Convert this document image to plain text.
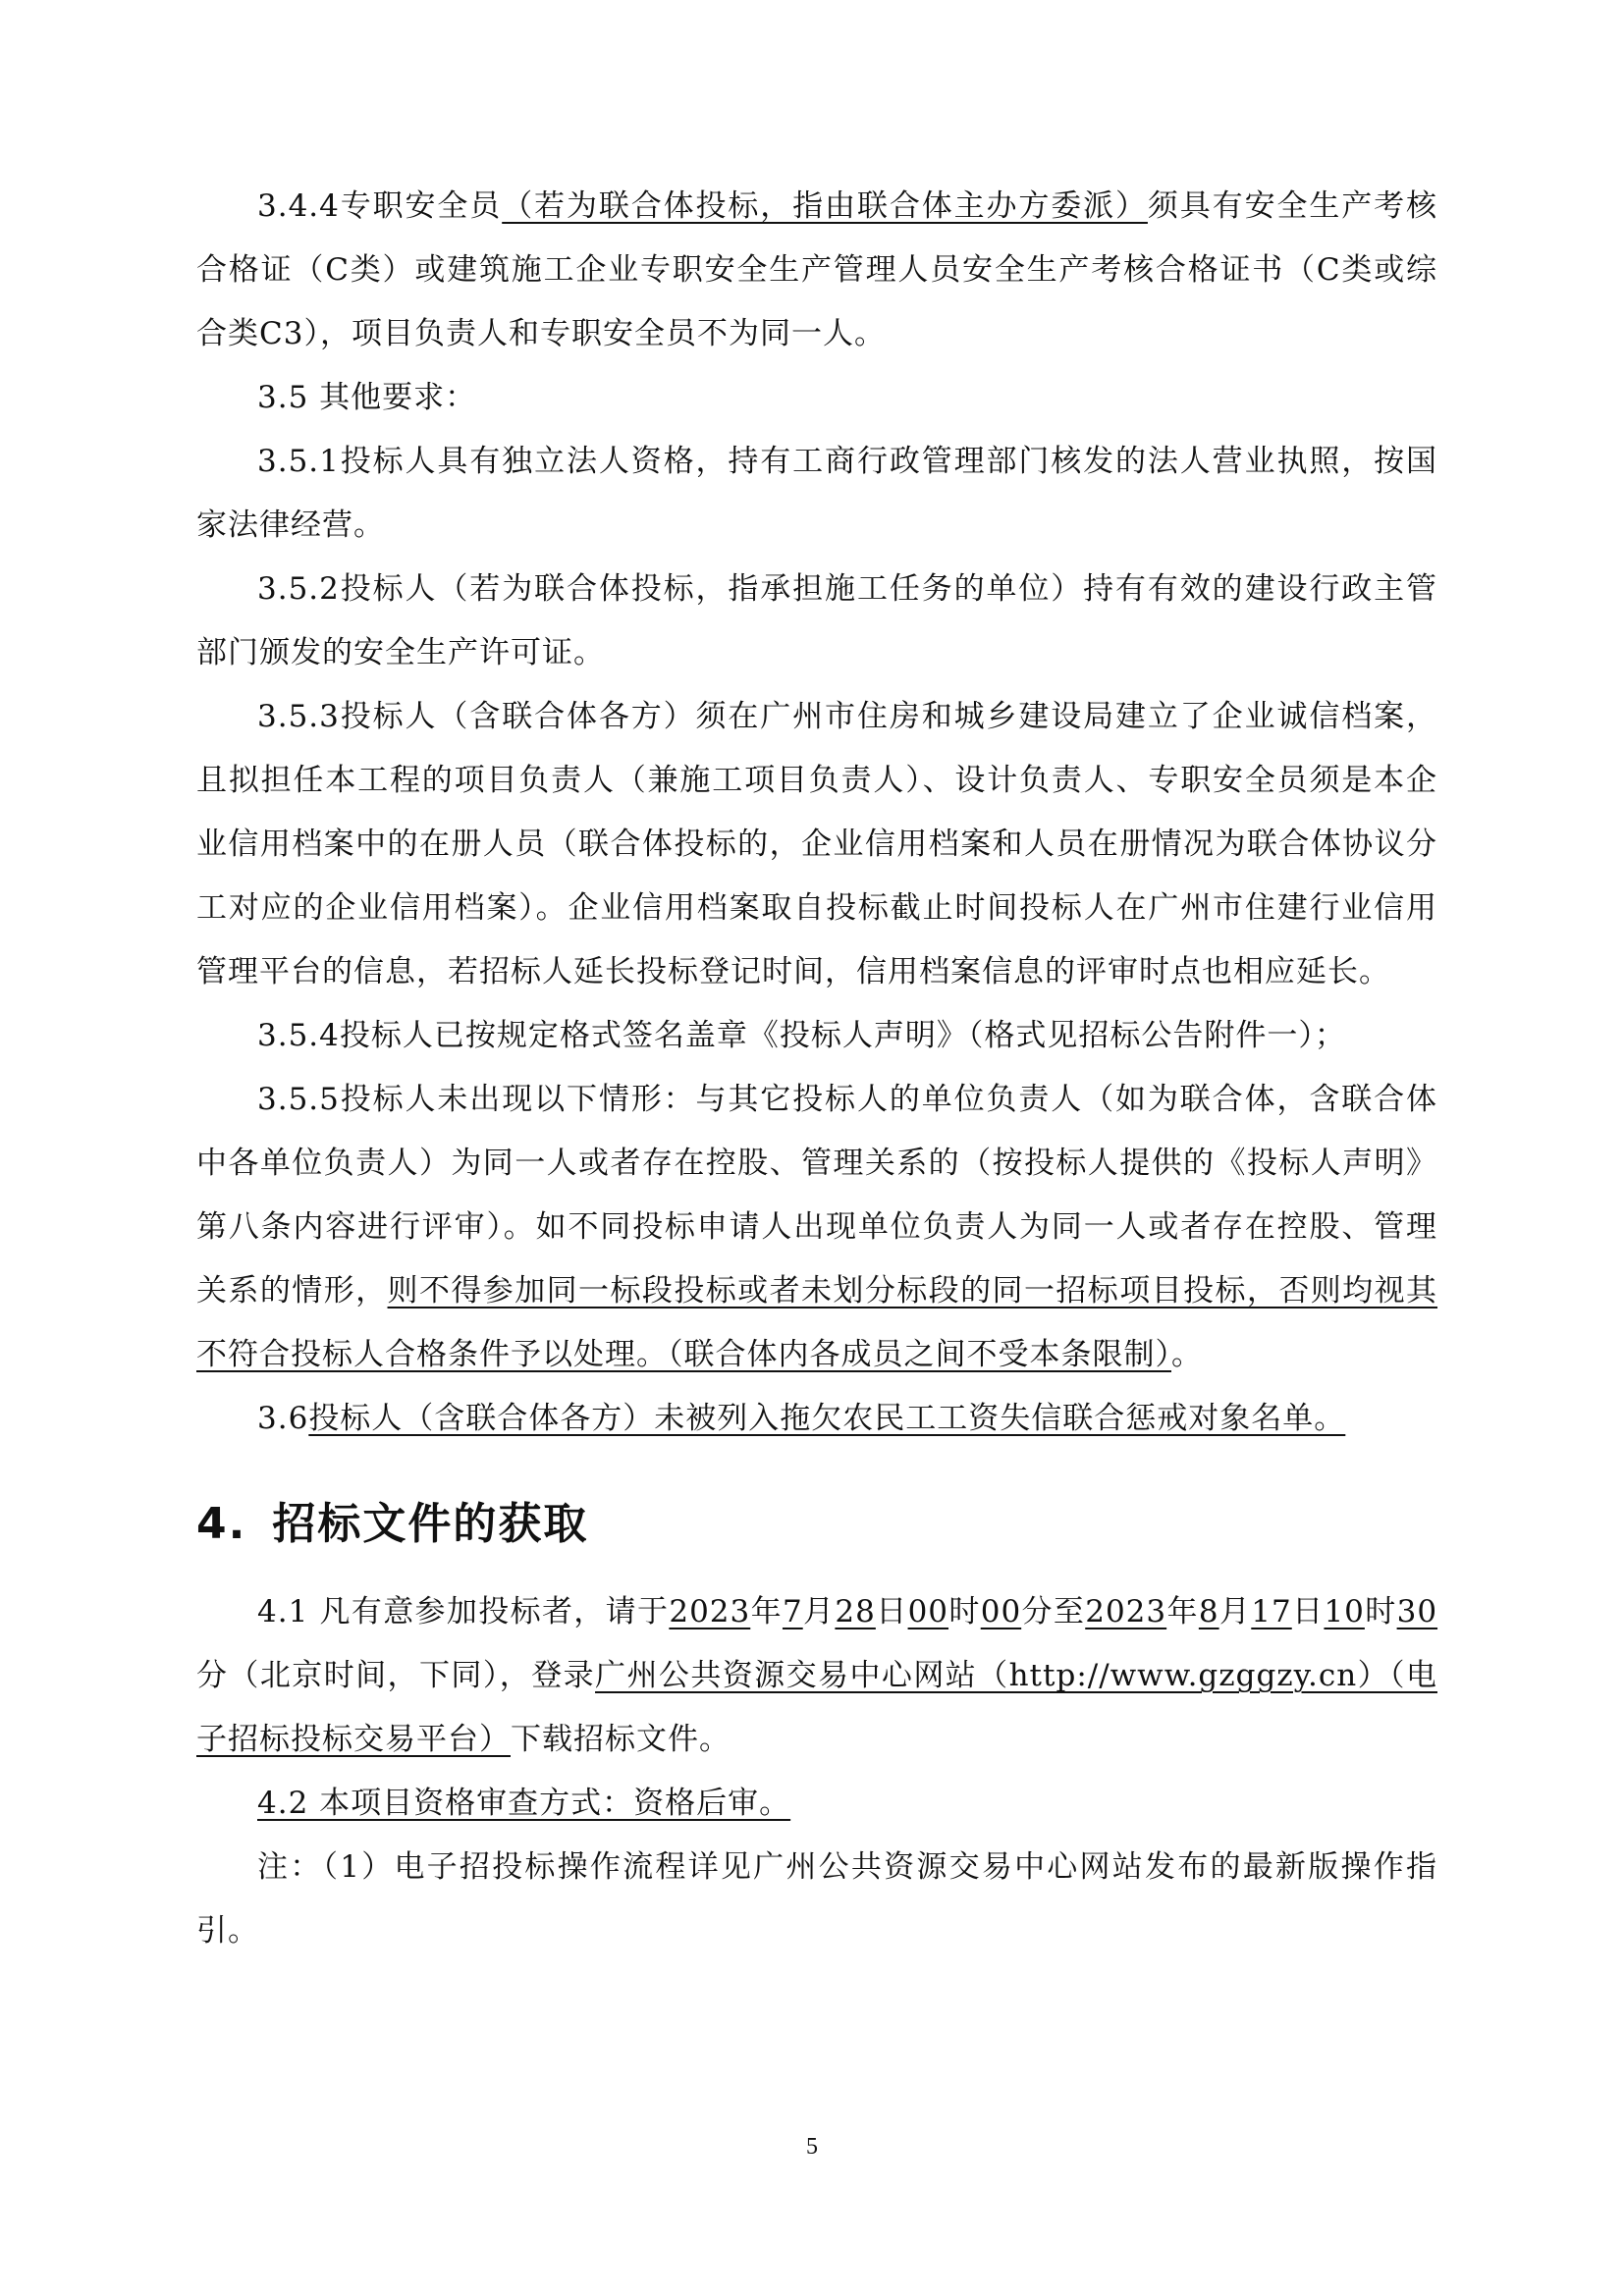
3.4.4专职安全员（若为联合体投标，指由联合体主办方委派）须具有安全生产考核合格证（C类）或建筑施工企业专职安全生产管理人员安全生产考核合格证书（C类或综合类C3），项目负责人和专职安全员不为同一人。

3.5 其他要求：

3.5.1投标人具有独立法人资格，持有工商行政管理部门核发的法人营业执照，按国家法律经营。

3.5.2投标人（若为联合体投标，指承担施工任务的单位）持有有效的建设行政主管部门颁发的安全生产许可证。

3.5.3投标人（含联合体各方）须在广州市住房和城乡建设局建立了企业诚信档案，且拟担任本工程的项目负责人（兼施工项目负责人）、设计负责人、专职安全员须是本企业信用档案中的在册人员（联合体投标的，企业信用档案和人员在册情况为联合体协议分工对应的企业信用档案）。企业信用档案取自投标截止时间投标人在广州市住建行业信用管理平台的信息，若招标人延长投标登记时间，信用档案信息的评审时点也相应延长。

3.5.4投标人已按规定格式签名盖章《投标人声明》（格式见招标公告附件一）；

3.5.5投标人未出现以下情形：与其它投标人的单位负责人（如为联合体，含联合体中各单位负责人）为同一人或者存在控股、管理关系的（按投标人提供的《投标人声明》第八条内容进行评审）。如不同投标申请人出现单位负责人为同一人或者存在控股、管理关系的情形，则不得参加同一标段投标或者未划分标段的同一招标项目投标，否则均视其不符合投标人合格条件予以处理。（联合体内各成员之间不受本条限制）。

3.6投标人（含联合体各方）未被列入拖欠农民工工资失信联合惩戒对象名单。

4. 招标文件的获取

4.1 凡有意参加投标者，请于2023年7月28日00时00分至2023年8月17日10时30分（北京时间，下同），登录广州公共资源交易中心网站（http://www.gzggzy.cn）（电子招标投标交易平台）下载招标文件。

4.2 本项目资格审查方式：资格后审。

注：（1）电子招投标操作流程详见广州公共资源交易中心网站发布的最新版操作指引。

5
